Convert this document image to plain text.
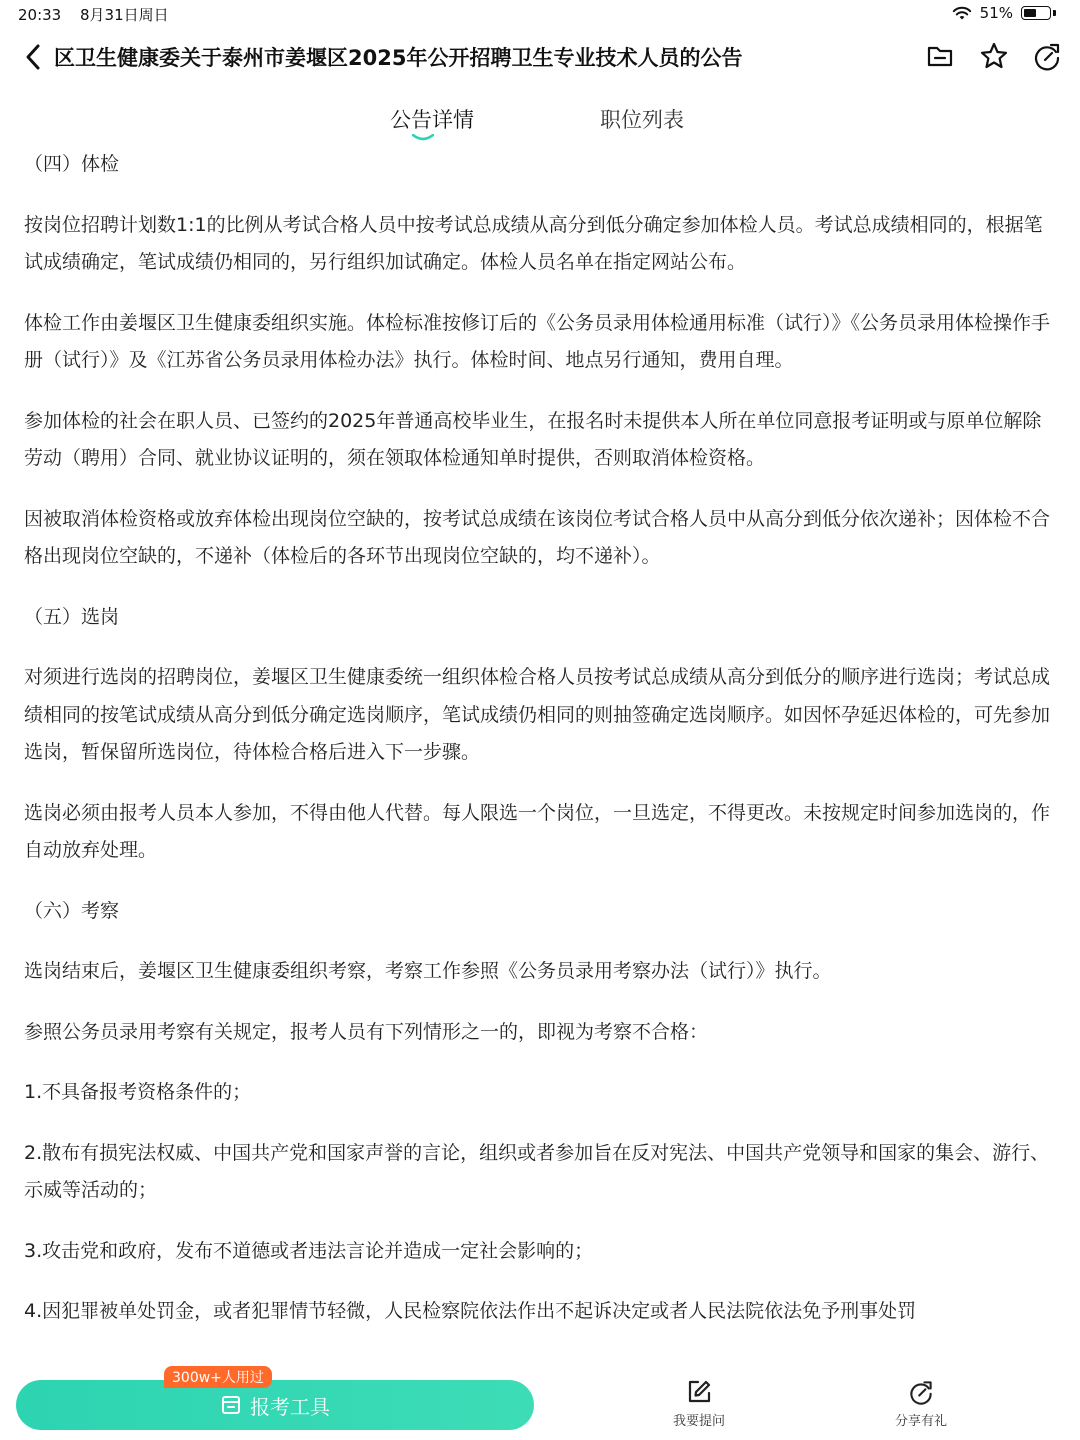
20:33 8月31日周日	51%
区卫生健康委关于泰州市姜堰区2025年公开招聘卫生专业技术人员的公告
公告详情	职位列表

（四）体检

按岗位招聘计划数1:1的比例从考试合格人员中按考试总成绩从高分到低分确定参加体检人员。考试总成绩相同的，根据笔试成绩确定，笔试成绩仍相同的，另行组织加试确定。体检人员名单在指定网站公布。

体检工作由姜堰区卫生健康委组织实施。体检标准按修订后的《公务员录用体检通用标准（试行）》《公务员录用体检操作手册（试行）》及《江苏省公务员录用体检办法》执行。体检时间、地点另行通知，费用自理。

参加体检的社会在职人员、已签约的2025年普通高校毕业生，在报名时未提供本人所在单位同意报考证明或与原单位解除劳动（聘用）合同、就业协议证明的，须在领取体检通知单时提供，否则取消体检资格。

因被取消体检资格或放弃体检出现岗位空缺的，按考试总成绩在该岗位考试合格人员中从高分到低分依次递补；因体检不合格出现岗位空缺的，不递补（体检后的各环节出现岗位空缺的，均不递补）。

（五）选岗

对须进行选岗的招聘岗位，姜堰区卫生健康委统一组织体检合格人员按考试总成绩从高分到低分的顺序进行选岗；考试总成绩相同的按笔试成绩从高分到低分确定选岗顺序，笔试成绩仍相同的则抽签确定选岗顺序。如因怀孕延迟体检的，可先参加选岗，暂保留所选岗位，待体检合格后进入下一步骤。

选岗必须由报考人员本人参加，不得由他人代替。每人限选一个岗位，一旦选定，不得更改。未按规定时间参加选岗的，作自动放弃处理。

（六）考察

选岗结束后，姜堰区卫生健康委组织考察，考察工作参照《公务员录用考察办法（试行）》执行。

参照公务员录用考察有关规定，报考人员有下列情形之一的，即视为考察不合格：

1.不具备报考资格条件的；

2.散布有损宪法权威、中国共产党和国家声誉的言论，组织或者参加旨在反对宪法、中国共产党领导和国家的集会、游行、示威等活动的；

3.攻击党和政府，发布不道德或者违法言论并造成一定社会影响的；

4.因犯罪被单处罚金，或者犯罪情节轻微，人民检察院依法作出不起诉决定或者人民法院依法免予刑事处罚

报考工具
300w+人用过
我要提问	分享有礼
